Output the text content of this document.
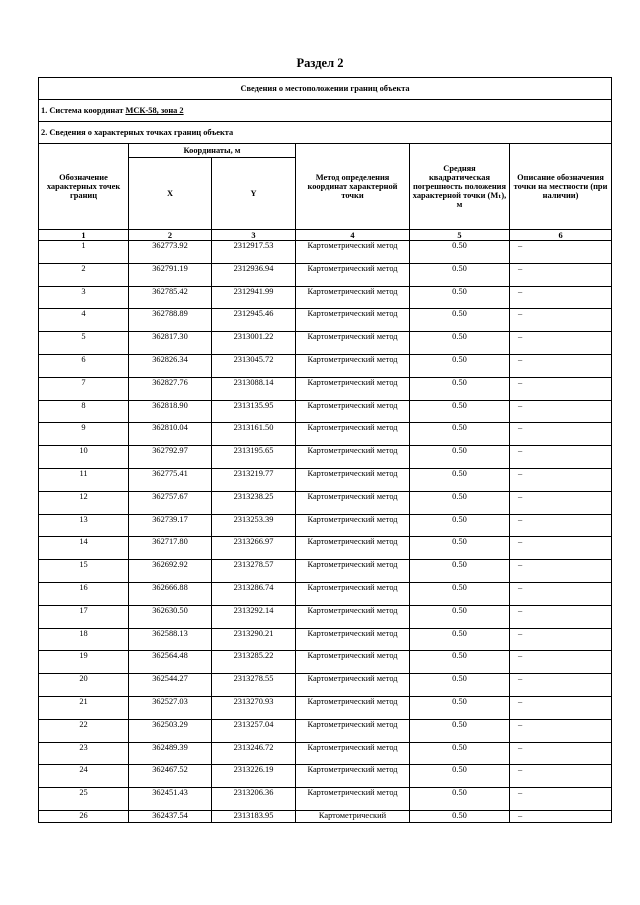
Раздел 2
Сведения о местоположении границ объекта					
1. Система координат МСК-58, зона 2					
2. Сведения о характерных точках границ объекта					
Обозначение характерных точек границ	Координаты, м		Метод определения координат характерной точки	Средняя квадратическая погрешность положения характерной точки (Mₜ), м	Описание обозначения точки на местности (при наличии)
	X	Y			
1	2	3	4	5	6
1	362773.92	2312917.53	Картометрический метод	0.50	–
2	362791.19	2312936.94	Картометрический метод	0.50	–
3	362785.42	2312941.99	Картометрический метод	0.50	–
4	362788.89	2312945.46	Картометрический метод	0.50	–
5	362817.30	2313001.22	Картометрический метод	0.50	–
6	362826.34	2313045.72	Картометрический метод	0.50	–
7	362827.76	2313088.14	Картометрический метод	0.50	–
8	362818.90	2313135.95	Картометрический метод	0.50	–
9	362810.04	2313161.50	Картометрический метод	0.50	–
10	362792.97	2313195.65	Картометрический метод	0.50	–
11	362775.41	2313219.77	Картометрический метод	0.50	–
12	362757.67	2313238.25	Картометрический метод	0.50	–
13	362739.17	2313253.39	Картометрический метод	0.50	–
14	362717.80	2313266.97	Картометрический метод	0.50	–
15	362692.92	2313278.57	Картометрический метод	0.50	–
16	362666.88	2313286.74	Картометрический метод	0.50	–
17	362630.50	2313292.14	Картометрический метод	0.50	–
18	362588.13	2313290.21	Картометрический метод	0.50	–
19	362564.48	2313285.22	Картометрический метод	0.50	–
20	362544.27	2313278.55	Картометрический метод	0.50	–
21	362527.03	2313270.93	Картометрический метод	0.50	–
22	362503.29	2313257.04	Картометрический метод	0.50	–
23	362489.39	2313246.72	Картометрический метод	0.50	–
24	362467.52	2313226.19	Картометрический метод	0.50	–
25	362451.43	2313206.36	Картометрический метод	0.50	–
26	362437.54	2313183.95	Картометрический	0.50	–
